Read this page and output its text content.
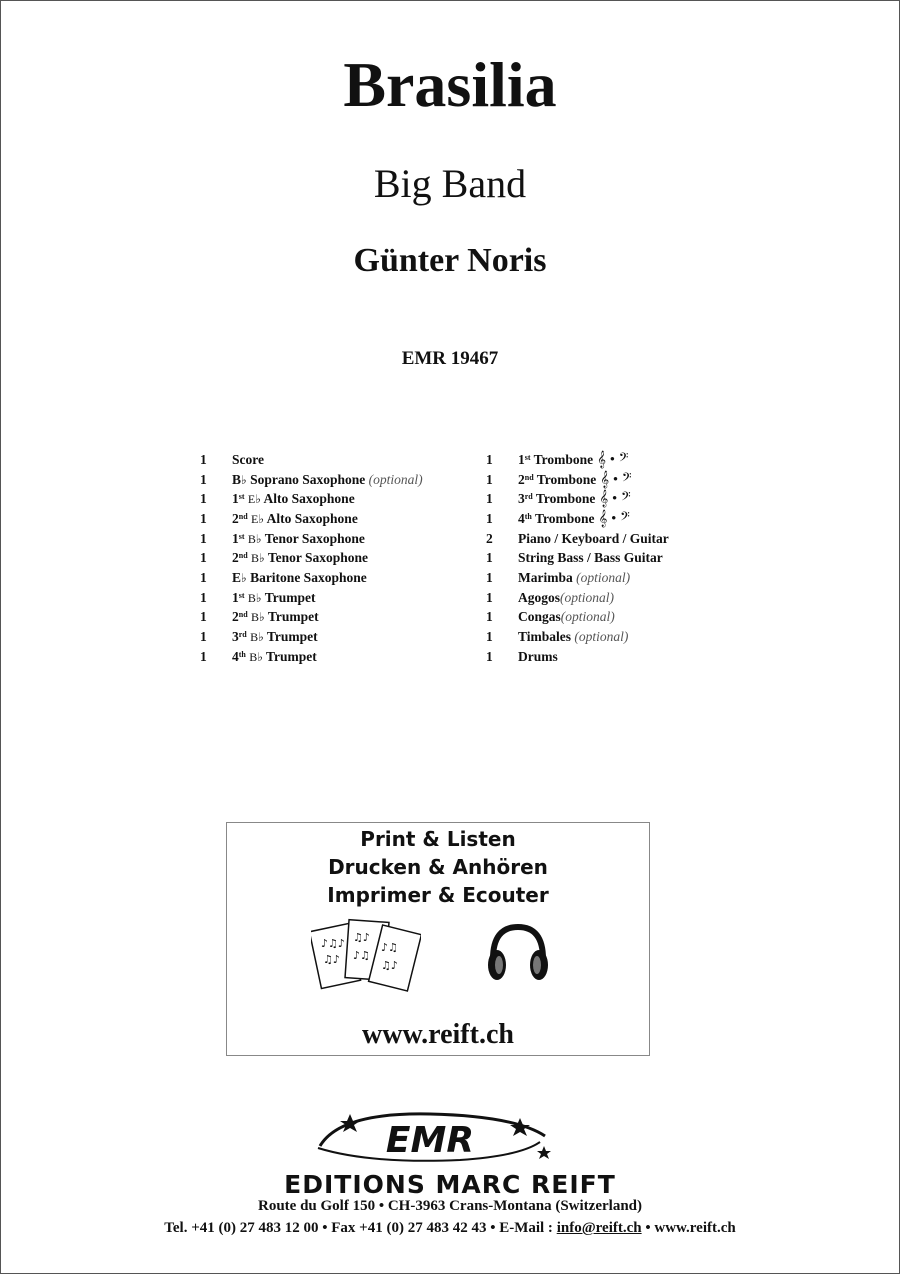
Brasilia
Big Band
Günter Noris
EMR 19467
1	Score
1	B♭ Soprano Saxophone (optional)
1	1st E♭ Alto Saxophone
1	2nd E♭ Alto Saxophone
1	1st B♭ Tenor Saxophone
1	2nd B♭ Tenor Saxophone
1	E♭ Baritone Saxophone
1	1st B♭ Trumpet
1	2nd B♭ Trumpet
1	3rd B♭ Trumpet
1	4th B♭ Trumpet
1	1st Trombone 𝄞 • 𝄢
1	2nd Trombone 𝄞 • 𝄢
1	3rd Trombone 𝄞 • 𝄢
1	4th Trombone 𝄞 • 𝄢
2	Piano / Keyboard / Guitar
1	String Bass / Bass Guitar
1	Marimba (optional)
1	Agogos(optional)
1	Congas(optional)
1	Timbales (optional)
1	Drums
Print & Listen
Drucken & Anhören
Imprimer & Ecouter
♪♫♪
♫♪
♫♪
♪♫
♪♫
♫♪
www.reift.ch
EMR
EDITIONS MARC REIFT
Route du Golf 150 • CH-3963 Crans-Montana (Switzerland)
Tel. +41 (0) 27 483 12 00 • Fax +41 (0) 27 483 42 43 • E-Mail : info@reift.ch • www.reift.ch
